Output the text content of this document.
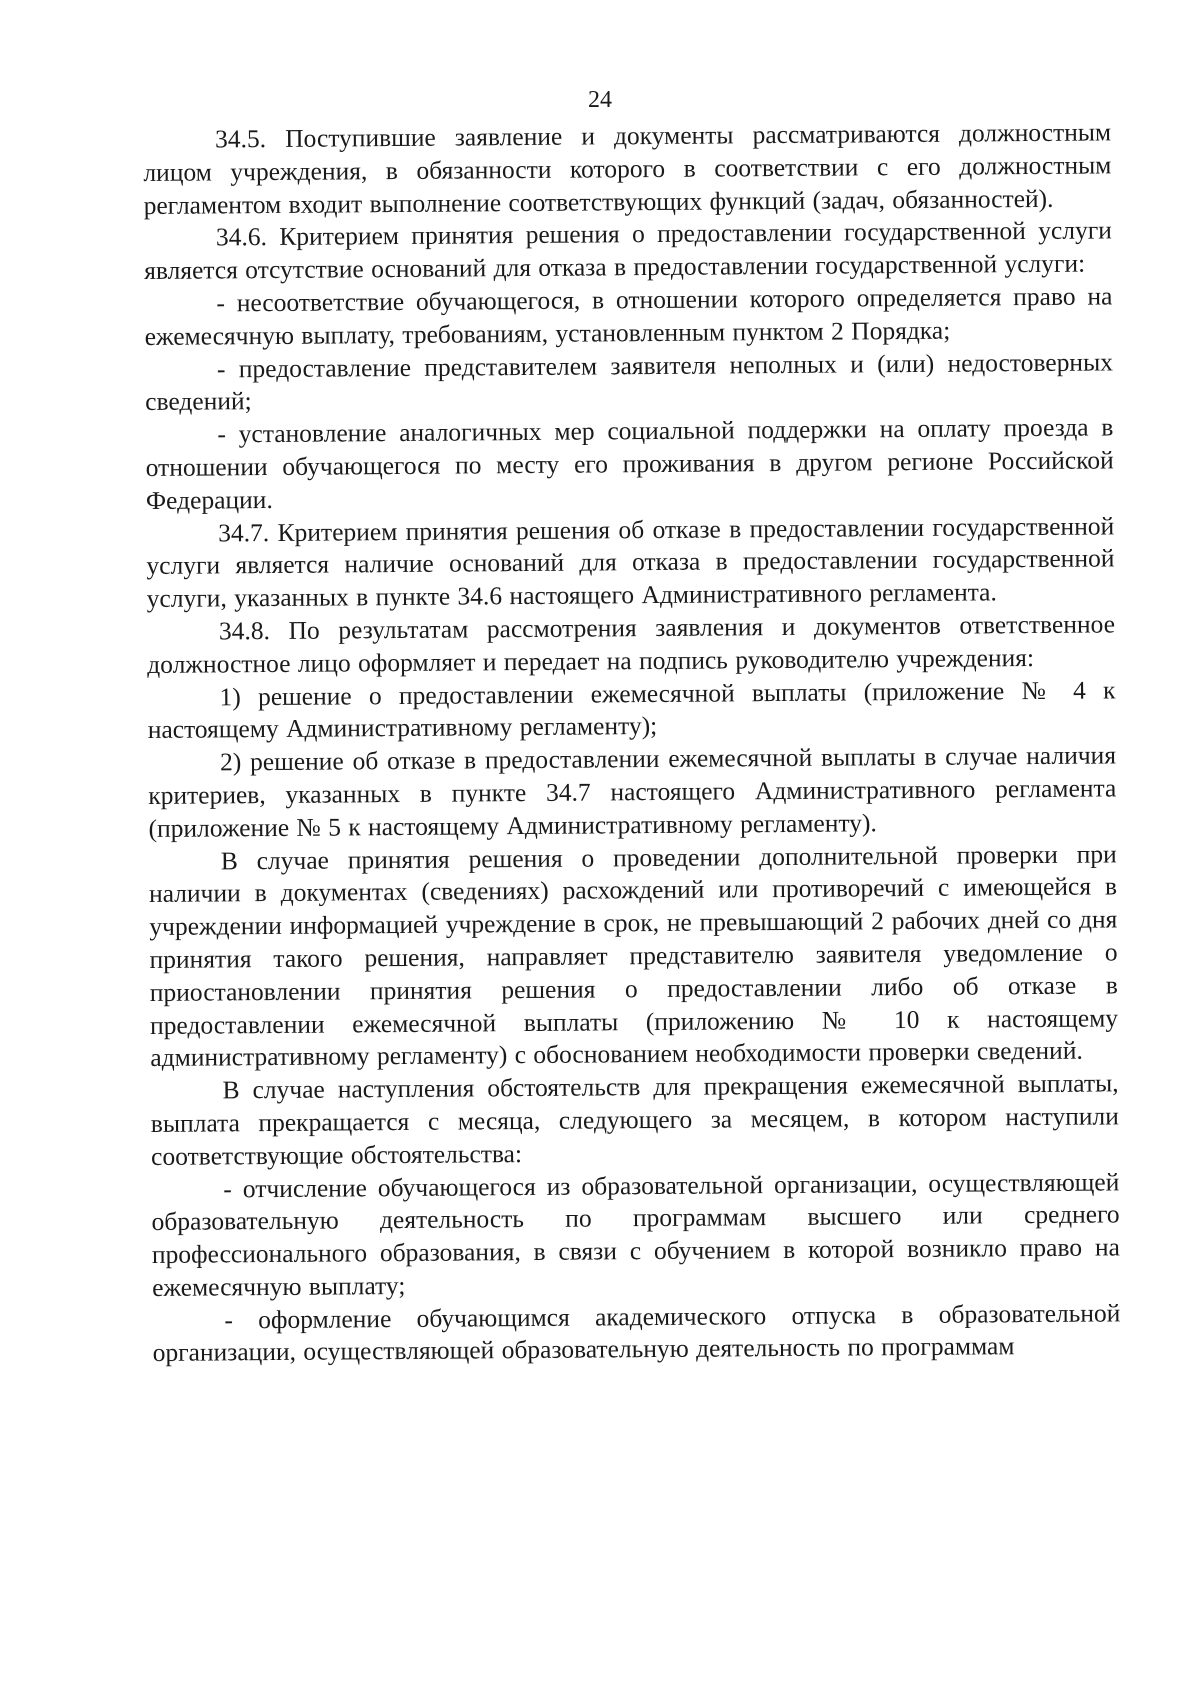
24

34.5. Поступившие заявление и документы рассматриваются должностным лицом учреждения, в обязанности которого в соответствии с его должностным регламентом входит выполнение соответствующих функций (задач, обязанностей).

34.6. Критерием принятия решения о предоставлении государственной услуги является отсутствие оснований для отказа в предоставлении государственной услуги:

- несоответствие обучающегося, в отношении которого определяется право на ежемесячную выплату, требованиям, установленным пунктом 2 Порядка;

- предоставление представителем заявителя неполных и (или) недостоверных сведений;

- установление аналогичных мер социальной поддержки на оплату проезда в отношении обучающегося по месту его проживания в другом регионе Российской Федерации.

34.7. Критерием принятия решения об отказе в предоставлении государственной услуги является наличие оснований для отказа в предоставлении государственной услуги, указанных в пункте 34.6 настоящего Административного регламента.

34.8. По результатам рассмотрения заявления и документов ответственное должностное лицо оформляет и передает на подпись руководителю учреждения:

1) решение о предоставлении ежемесячной выплаты (приложение № 4 к настоящему Административному регламенту);

2) решение об отказе в предоставлении ежемесячной выплаты в случае наличия критериев, указанных в пункте 34.7 настоящего Административного регламента (приложение № 5 к настоящему Административному регламенту).

В случае принятия решения о проведении дополнительной проверки при наличии в документах (сведениях) расхождений или противоречий с имеющейся в учреждении информацией учреждение в срок, не превышающий 2 рабочих дней со дня принятия такого решения, направляет представителю заявителя уведомление о приостановлении принятия решения о предоставлении либо об отказе в предоставлении ежемесячной выплаты (приложению № 10 к настоящему административному регламенту) с обоснованием необходимости проверки сведений.

В случае наступления обстоятельств для прекращения ежемесячной выплаты, выплата прекращается с месяца, следующего за месяцем, в котором наступили соответствующие обстоятельства:

- отчисление обучающегося из образовательной организации, осуществляющей образовательную деятельность по программам высшего или среднего профессионального образования, в связи с обучением в которой возникло право на ежемесячную выплату;

- оформление обучающимся академического отпуска в образовательной организации, осуществляющей образовательную деятельность по программам
